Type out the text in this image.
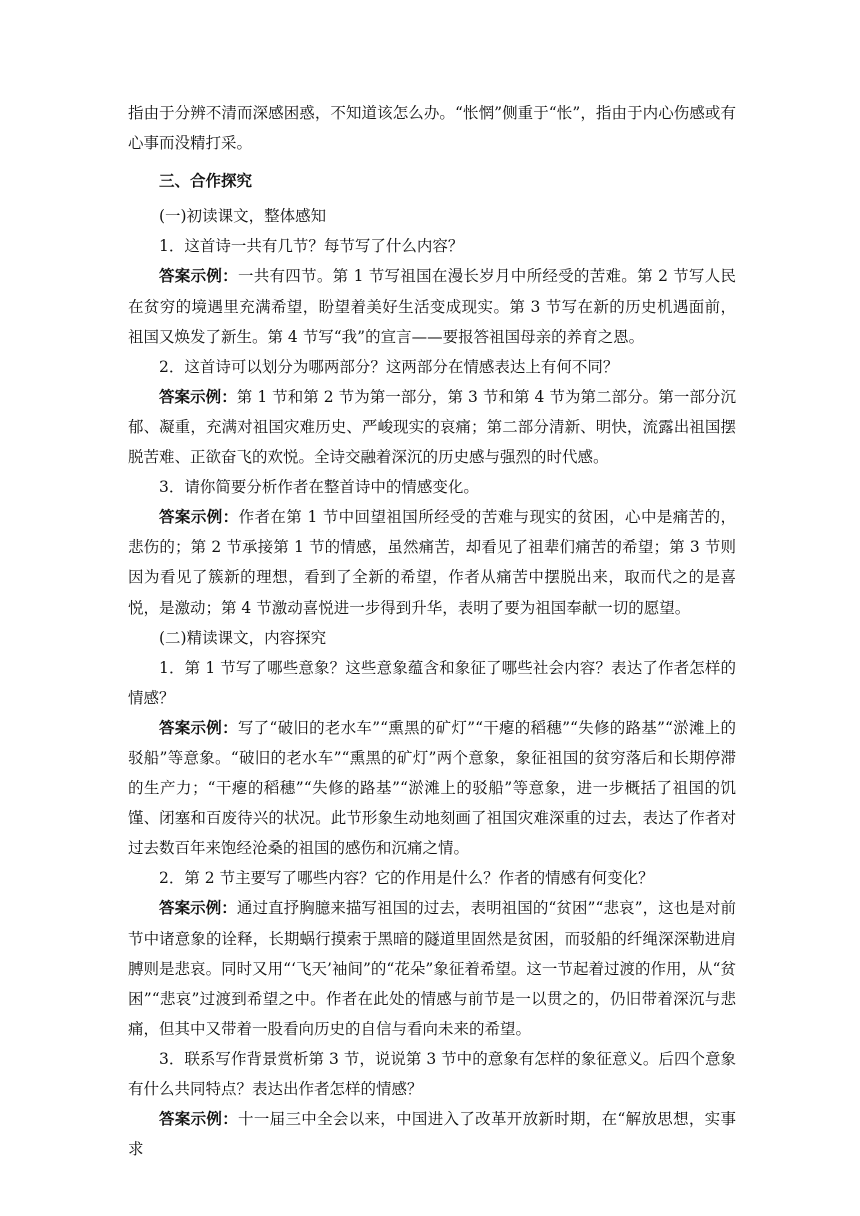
指由于分辨不清而深感困惑，不知道该怎么办。“怅惘”侧重于“怅”，指由于内心伤感或有心事而没精打采。

三、合作探究

(一)初读课文，整体感知

1．这首诗一共有几节？每节写了什么内容？

答案示例：一共有四节。第 1 节写祖国在漫长岁月中所经受的苦难。第 2 节写人民在贫穷的境遇里充满希望，盼望着美好生活变成现实。第 3 节写在新的历史机遇面前，祖国又焕发了新生。第 4 节写“我”的宣言——要报答祖国母亲的养育之恩。

2．这首诗可以划分为哪两部分？这两部分在情感表达上有何不同？

答案示例：第 1 节和第 2 节为第一部分，第 3 节和第 4 节为第二部分。第一部分沉郁、凝重，充满对祖国灾难历史、严峻现实的哀痛；第二部分清新、明快，流露出祖国摆脱苦难、正欲奋飞的欢悦。全诗交融着深沉的历史感与强烈的时代感。

3．请你简要分析作者在整首诗中的情感变化。

答案示例：作者在第 1 节中回望祖国所经受的苦难与现实的贫困，心中是痛苦的，悲伤的；第 2 节承接第 1 节的情感，虽然痛苦，却看见了祖辈们痛苦的希望；第 3 节则因为看见了簇新的理想，看到了全新的希望，作者从痛苦中摆脱出来，取而代之的是喜悦，是激动；第 4 节激动喜悦进一步得到升华，表明了要为祖国奉献一切的愿望。

(二)精读课文，内容探究

1．第 1 节写了哪些意象？这些意象蕴含和象征了哪些社会内容？表达了作者怎样的情感？

答案示例：写了“破旧的老水车”“熏黑的矿灯”“干瘪的稻穗”“失修的路基”“淤滩上的驳船”等意象。“破旧的老水车”“熏黑的矿灯”两个意象，象征祖国的贫穷落后和长期停滞的生产力；“干瘪的稻穗”“失修的路基”“淤滩上的驳船”等意象，进一步概括了祖国的饥馑、闭塞和百废待兴的状况。此节形象生动地刻画了祖国灾难深重的过去，表达了作者对过去数百年来饱经沧桑的祖国的感伤和沉痛之情。

2．第 2 节主要写了哪些内容？它的作用是什么？作者的情感有何变化？

答案示例：通过直抒胸臆来描写祖国的过去，表明祖国的“贫困”“悲哀”，这也是对前节中诸意象的诠释，长期蜗行摸索于黑暗的隧道里固然是贫困，而驳船的纤绳深深勒进肩膊则是悲哀。同时又用“‘飞天’袖间”的“花朵”象征着希望。这一节起着过渡的作用，从“贫困”“悲哀”过渡到希望之中。作者在此处的情感与前节是一以贯之的，仍旧带着深沉与悲痛，但其中又带着一股看向历史的自信与看向未来的希望。

3．联系写作背景赏析第 3 节，说说第 3 节中的意象有怎样的象征意义。后四个意象有什么共同特点？表达出作者怎样的情感？

答案示例：十一届三中全会以来，中国进入了改革开放新时期，在“解放思想，实事求
